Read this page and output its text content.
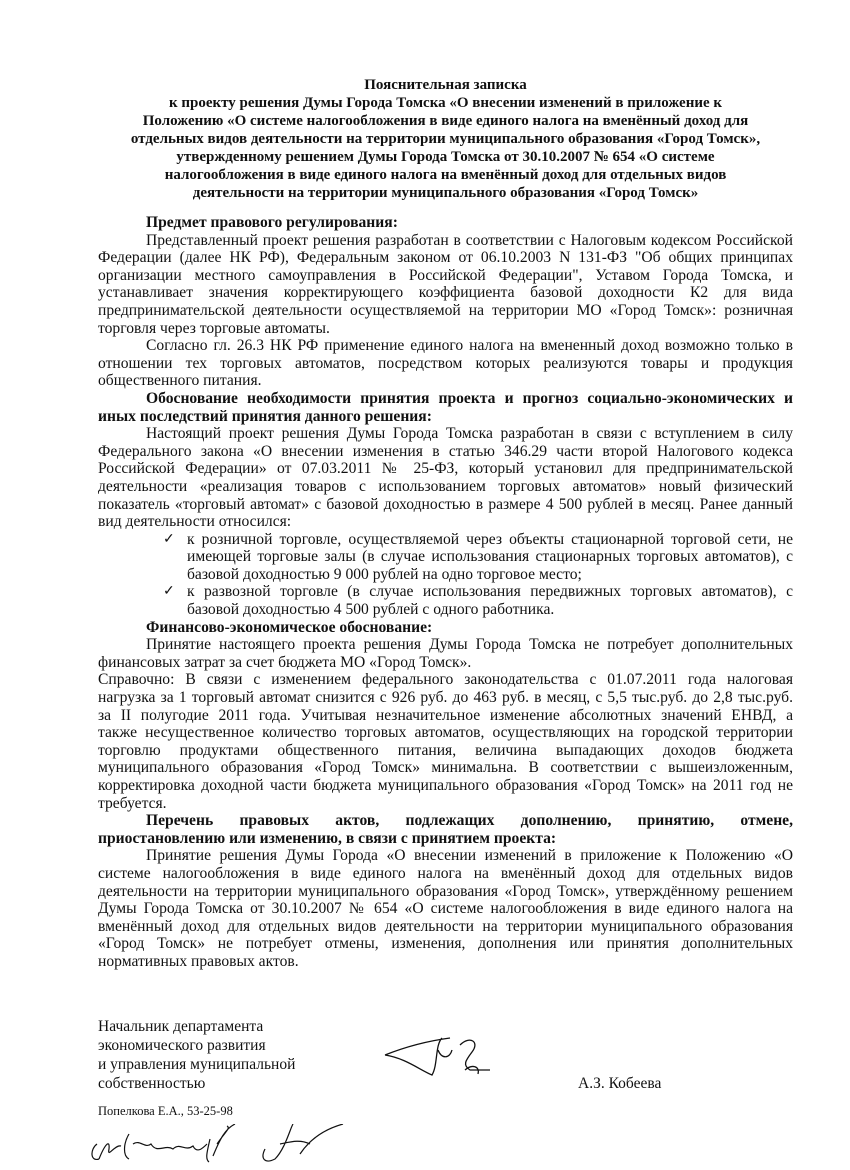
Пояснительная записка
к проекту решения Думы Города Томска «О внесении изменений в приложение к
Положению «О системе налогообложения в виде единого налога на вменённый доход для
отдельных видов деятельности на территории муниципального образования «Город Томск»,
утвержденному решением Думы Города Томска от 30.10.2007 № 654 «О системе
налогообложения в виде единого налога на вменённый доход для отдельных видов
деятельности на территории муниципального образования «Город Томск»
Предмет правового регулирования:
Представленный проект решения разработан в соответствии с Налоговым кодексом Российской
Федерации (далее НК РФ), Федеральным законом от 06.10.2003 N 131-ФЗ "Об общих принципах
организации местного самоуправления в Российской Федерации", Уставом Города Томска, и
устанавливает значения корректирующего коэффициента базовой доходности К2 для вида
предпринимательской деятельности осуществляемой на территории МО «Город Томск»: розничная
торговля через торговые автоматы.
Согласно гл. 26.3 НК РФ применение единого налога на вмененный доход возможно только в
отношении тех торговых автоматов, посредством которых реализуются товары и продукция
общественного питания.
Обоснование необходимости принятия проекта и прогноз социально-экономических и
иных последствий принятия данного решения:
Настоящий проект решения Думы Города Томска разработан в связи с вступлением в силу
Федерального закона «О внесении изменения в статью 346.29 части второй Налогового кодекса
Российской Федерации» от 07.03.2011 № 25-ФЗ, который установил для предпринимательской
деятельности «реализация товаров с использованием торговых автоматов» новый физический
показатель «торговый автомат» с базовой доходностью в размере 4 500 рублей в месяц. Ранее данный
вид деятельности относился:
✓ к розничной торговле, осуществляемой через объекты стационарной торговой сети, не
имеющей торговые залы (в случае использования стационарных торговых автоматов), с
базовой доходностью 9 000 рублей на одно торговое место;
✓ к развозной торговле (в случае использования передвижных торговых автоматов), с
базовой доходностью 4 500 рублей с одного работника.
Финансово-экономическое обоснование:
Принятие настоящего проекта решения Думы Города Томска не потребует дополнительных
финансовых затрат за счет бюджета МО «Город Томск».
Справочно: В связи с изменением федерального законодательства с 01.07.2011 года налоговая
нагрузка за 1 торговый автомат снизится с 926 руб. до 463 руб. в месяц, с 5,5 тыс.руб. до 2,8 тыс.руб.
за II полугодие 2011 года. Учитывая незначительное изменение абсолютных значений ЕНВД, а
также несущественное количество торговых автоматов, осуществляющих на городской территории
торговлю продуктами общественного питания, величина выпадающих доходов бюджета
муниципального образования «Город Томск» минимальна. В соответствии с вышеизложенным,
корректировка доходной части бюджета муниципального образования «Город Томск» на 2011 год не
требуется.
Перечень правовых актов, подлежащих дополнению, принятию, отмене,
приостановлению или изменению, в связи с принятием проекта:
Принятие решения Думы Города «О внесении изменений в приложение к Положению «О
системе налогообложения в виде единого налога на вменённый доход для отдельных видов
деятельности на территории муниципального образования «Город Томск», утверждённому решением
Думы Города Томска от 30.10.2007 № 654 «О системе налогообложения в виде единого налога на
вменённый доход для отдельных видов деятельности на территории муниципального образования
«Город Томск» не потребует отмены, изменения, дополнения или принятия дополнительных
нормативных правовых актов.
Начальник департамента
экономического развития
и управления муниципальной
собственностью	А.З. Кобеева
Попелкова Е.А., 53-25-98
